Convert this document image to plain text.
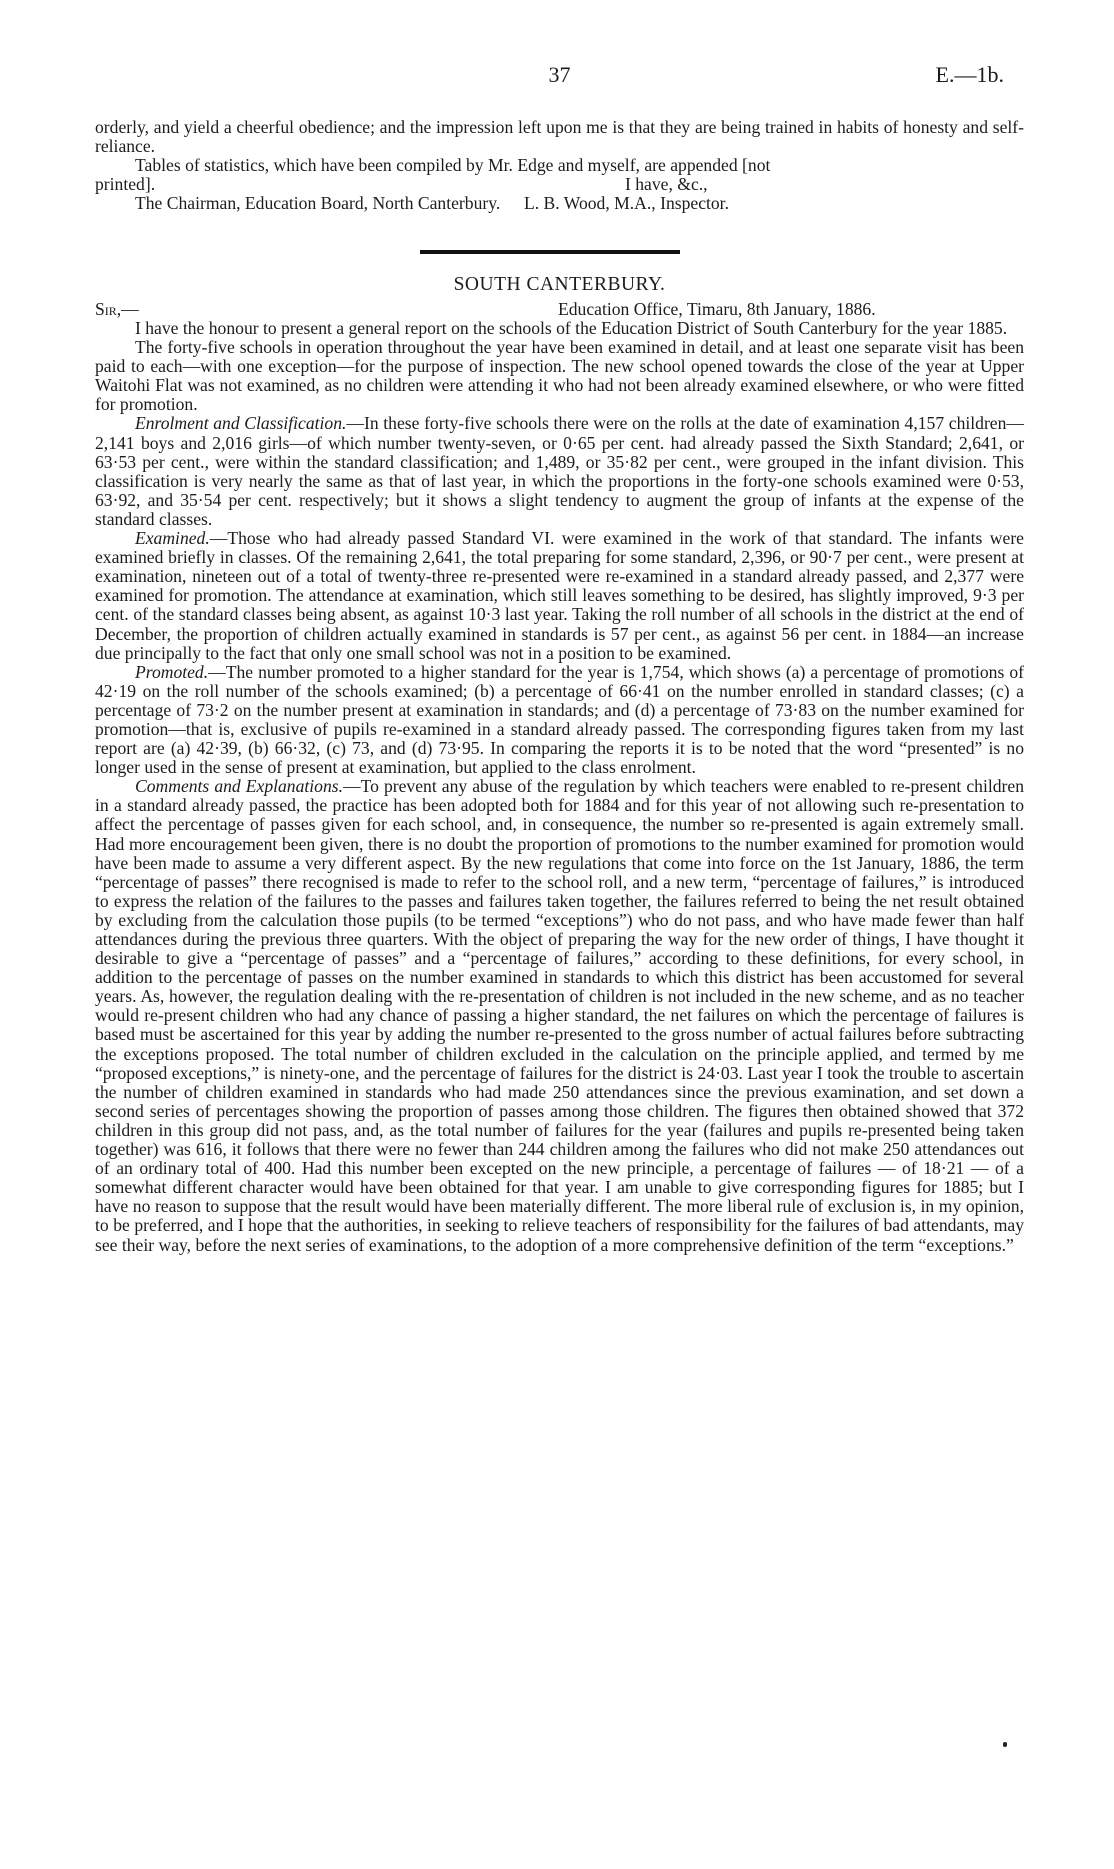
37	E.—1b.

orderly, and yield a cheerful obedience; and the impression left upon me is that they are being trained in habits of honesty and self-reliance.

Tables of statistics, which have been compiled by Mr. Edge and myself, are appended [not

printed].	I have, &c.,
The Chairman, Education Board, North Canterbury. L. B. Wood, M.A., Inspector.
SOUTH CANTERBURY.
Sir,—	Education Office, Timaru, 8th January, 1886.

I have the honour to present a general report on the schools of the Education District of South Canterbury for the year 1885.

The forty-five schools in operation throughout the year have been examined in detail, and at least one separate visit has been paid to each—with one exception—for the purpose of inspection. The new school opened towards the close of the year at Upper Waitohi Flat was not examined, as no children were attending it who had not been already examined elsewhere, or who were fitted for promotion.

Enrolment and Classification.—In these forty-five schools there were on the rolls at the date of examination 4,157 children—2,141 boys and 2,016 girls—of which number twenty-seven, or 0·65 per cent. had already passed the Sixth Standard; 2,641, or 63·53 per cent., were within the standard classification; and 1,489, or 35·82 per cent., were grouped in the infant division. This classification is very nearly the same as that of last year, in which the proportions in the forty-one schools examined were 0·53, 63·92, and 35·54 per cent. respectively; but it shows a slight tendency to augment the group of infants at the expense of the standard classes.

Examined.—Those who had already passed Standard VI. were examined in the work of that standard. The infants were examined briefly in classes. Of the remaining 2,641, the total preparing for some standard, 2,396, or 90·7 per cent., were present at examination, nineteen out of a total of twenty-three re-presented were re-examined in a standard already passed, and 2,377 were examined for promotion. The attendance at examination, which still leaves something to be desired, has slightly improved, 9·3 per cent. of the standard classes being absent, as against 10·3 last year. Taking the roll number of all schools in the district at the end of December, the proportion of children actually examined in standards is 57 per cent., as against 56 per cent. in 1884—an increase due principally to the fact that only one small school was not in a position to be examined.

Promoted.—The number promoted to a higher standard for the year is 1,754, which shows (a) a percentage of promotions of 42·19 on the roll number of the schools examined; (b) a percentage of 66·41 on the number enrolled in standard classes; (c) a percentage of 73·2 on the number present at examination in standards; and (d) a percentage of 73·83 on the number examined for promotion—that is, exclusive of pupils re-examined in a standard already passed. The corresponding figures taken from my last report are (a) 42·39, (b) 66·32, (c) 73, and (d) 73·95. In comparing the reports it is to be noted that the word “presented” is no longer used in the sense of present at examination, but applied to the class enrolment.

Comments and Explanations.—To prevent any abuse of the regulation by which teachers were enabled to re-present children in a standard already passed, the practice has been adopted both for 1884 and for this year of not allowing such re-presentation to affect the percentage of passes given for each school, and, in consequence, the number so re-presented is again extremely small. Had more encouragement been given, there is no doubt the proportion of promotions to the number examined for promotion would have been made to assume a very different aspect. By the new regulations that come into force on the 1st January, 1886, the term “percentage of passes” there recognised is made to refer to the school roll, and a new term, “percentage of failures,” is introduced to express the relation of the failures to the passes and failures taken together, the failures referred to being the net result obtained by excluding from the calculation those pupils (to be termed “exceptions”) who do not pass, and who have made fewer than half attendances during the previous three quarters. With the object of preparing the way for the new order of things, I have thought it desirable to give a “percentage of passes” and a “percentage of failures,” according to these definitions, for every school, in addition to the percentage of passes on the number examined in standards to which this district has been accustomed for several years. As, however, the regulation dealing with the re-presentation of children is not included in the new scheme, and as no teacher would re-present children who had any chance of passing a higher standard, the net failures on which the percentage of failures is based must be ascertained for this year by adding the number re-presented to the gross number of actual failures before subtracting the exceptions proposed. The total number of children excluded in the calculation on the principle applied, and termed by me “proposed exceptions,” is ninety-one, and the percentage of failures for the district is 24·03. Last year I took the trouble to ascertain the number of children examined in standards who had made 250 attendances since the previous examination, and set down a second series of percentages showing the proportion of passes among those children. The figures then obtained showed that 372 children in this group did not pass, and, as the total number of failures for the year (failures and pupils re-presented being taken together) was 616, it follows that there were no fewer than 244 children among the failures who did not make 250 attendances out of an ordinary total of 400. Had this number been excepted on the new principle, a percentage of failures — of 18·21 — of a somewhat different character would have been obtained for that year. I am unable to give corresponding figures for 1885; but I have no reason to suppose that the result would have been materially different. The more liberal rule of exclusion is, in my opinion, to be preferred, and I hope that the authorities, in seeking to relieve teachers of responsibility for the failures of bad attendants, may see their way, before the next series of examinations, to the adoption of a more comprehensive definition of the term “exceptions.”
